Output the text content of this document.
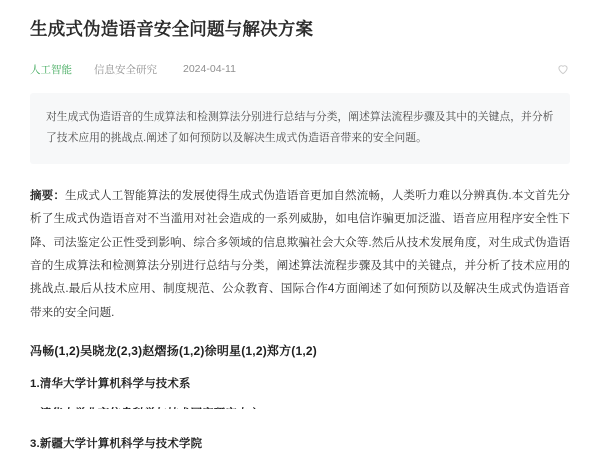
生成式伪造语音安全问题与解决方案
人工智能 信息安全研究 2024-04-11
对生成式伪造语音的生成算法和检测算法分别进行总结与分类，阐述算法流程步骤及其中的关键点，并分析了技术应用的挑战点.阐述了如何预防以及解决生成式伪造语音带来的安全问题。
摘要：生成式人工智能算法的发展使得生成式伪造语音更加自然流畅，人类听力难以分辨真伪.本文首先分析了生成式伪造语音对不当滥用对社会造成的一系列威胁，如电信诈骗更加泛滥、语音应用程序安全性下降、司法鉴定公正性受到影响、综合多领域的信息欺骗社会大众等.然后从技术发展角度，对生成式伪造语音的生成算法和检测算法分别进行总结与分类，阐述算法流程步骤及其中的关键点，并分析了技术应用的挑战点.最后从技术应用、制度规范、公众教育、国际合作4方面阐述了如何预防以及解决生成式伪造语音带来的安全问题.
冯畅(1,2)吴晓龙(2,3)赵熠扬(1,2)徐明星(1,2)郑方(1,2)
1.清华大学计算机科学与技术系
3.新疆大学计算机科学与技术学院
